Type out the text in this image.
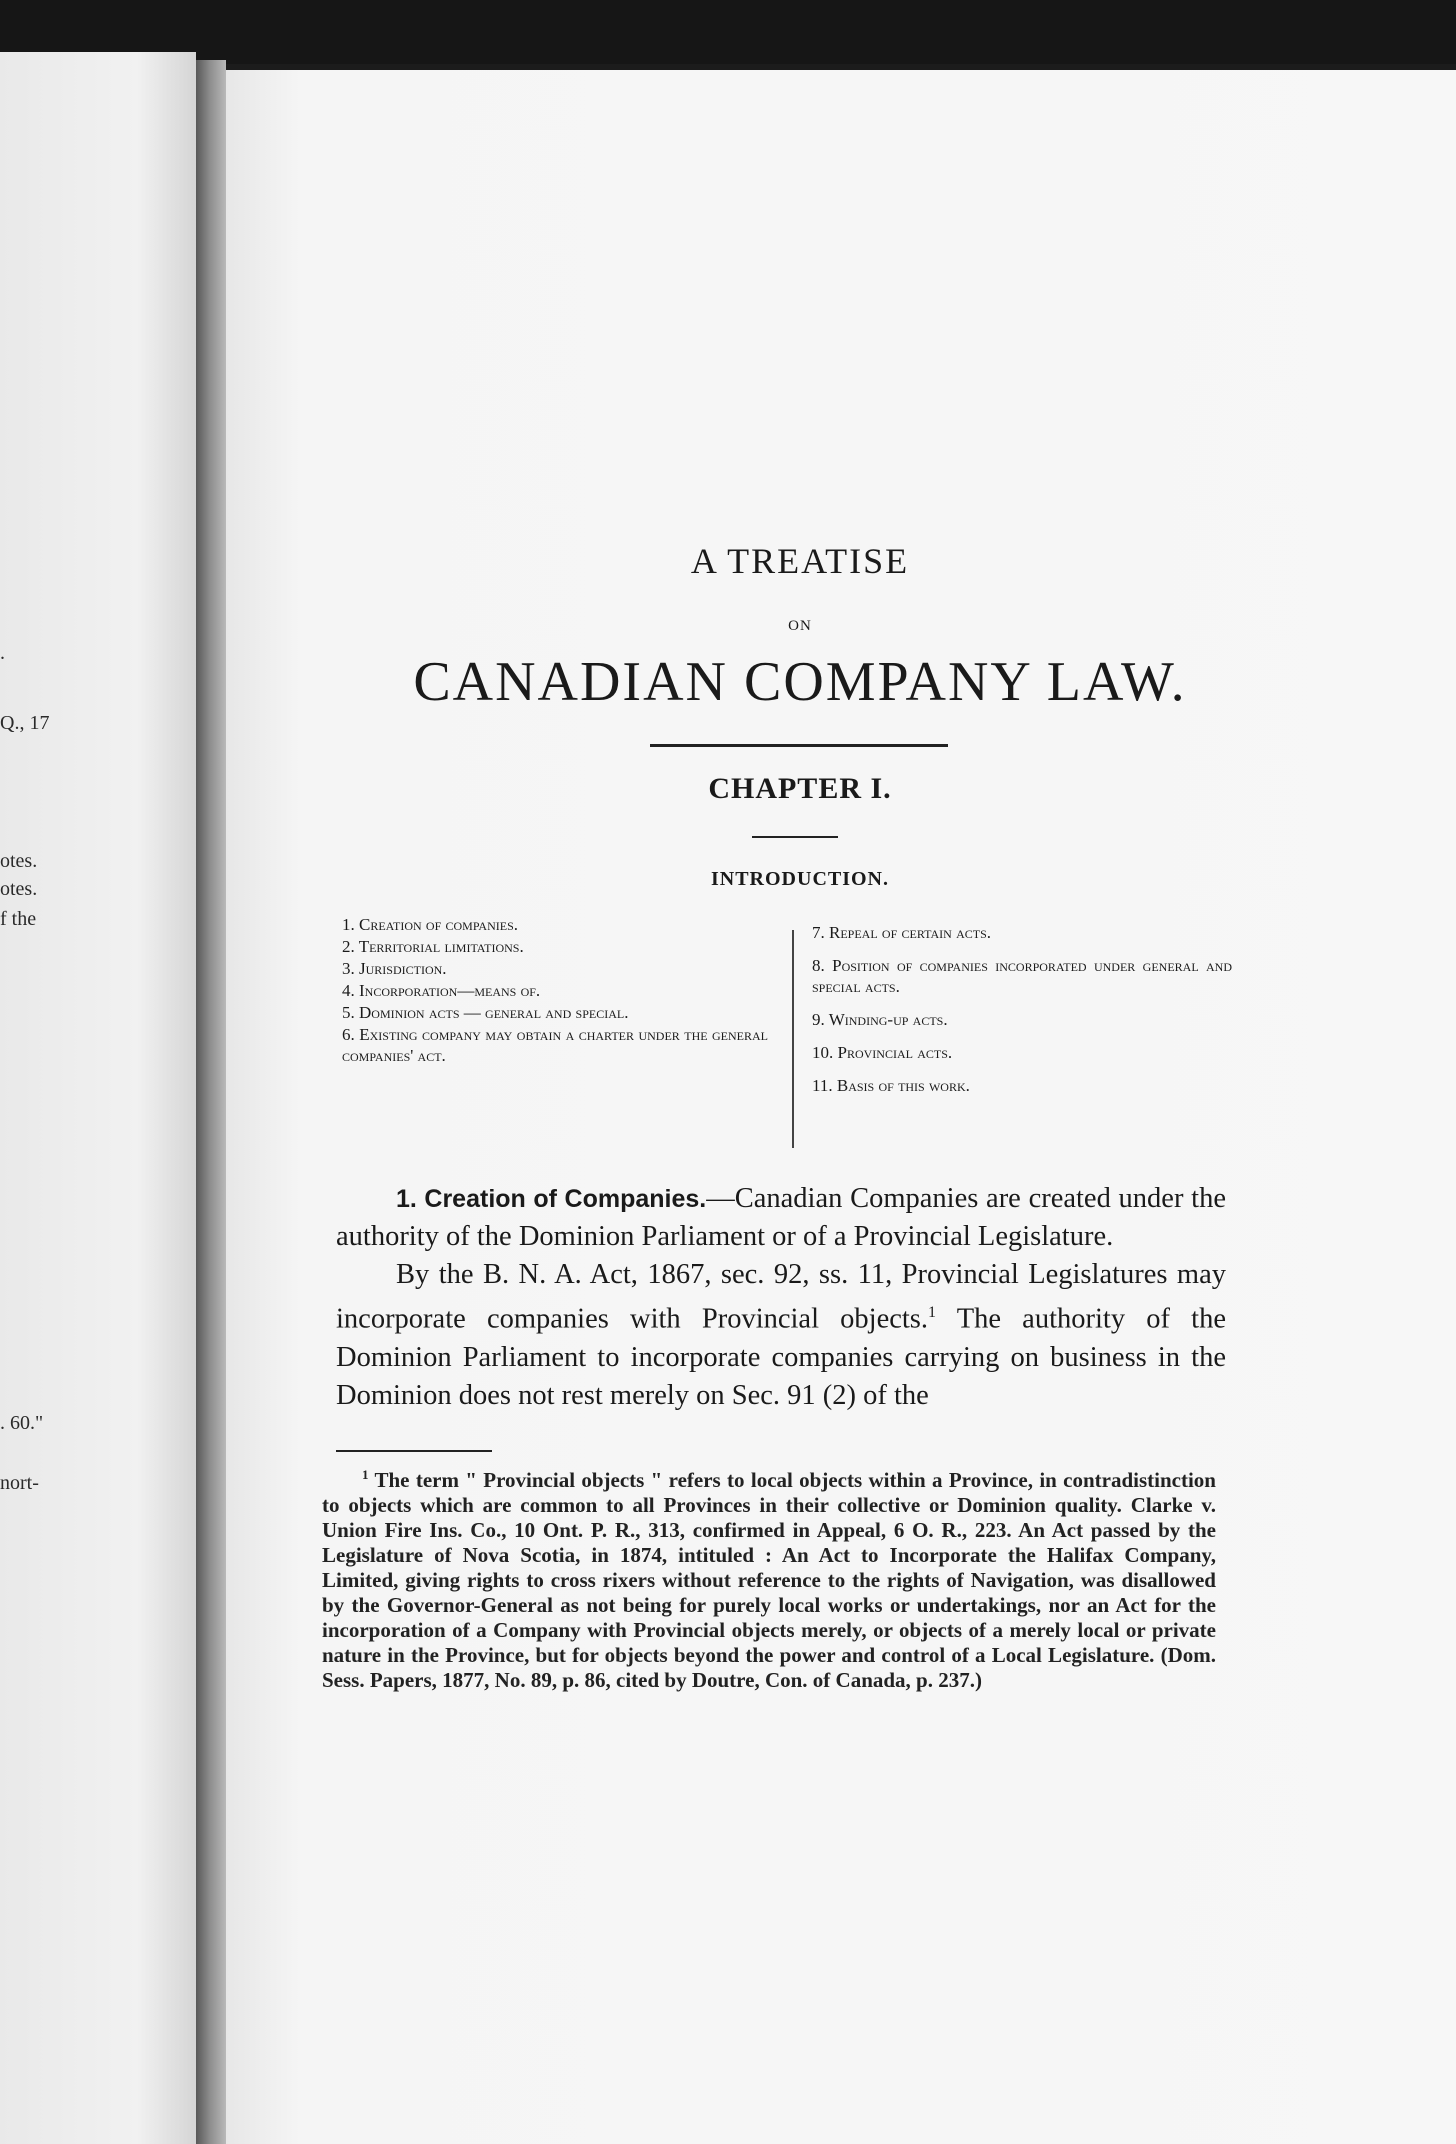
.
Q., 17
otes.
otes.
f the
. 60."
nort-
A TREATISE
ON
CANADIAN COMPANY LAW.
CHAPTER I.
INTRODUCTION.
1. Creation of companies.
2. Territorial limitations.
3. Jurisdiction.
4. Incorporation—means of.
5. Dominion acts — general and special.
6. Existing company may obtain a charter under the general companies' act.
7. Repeal of certain acts.
8. Position of companies incorporated under general and special acts.
9. Winding-up acts.
10. Provincial acts.
11. Basis of this work.

1. Creation of Companies.—Canadian Companies are created under the authority of the Dominion Parliament or of a Provincial Legislature.

By the B. N. A. Act, 1867, sec. 92, ss. 11, Provincial Legislatures may incorporate companies with Provincial objects.$^1$ The authority of the Dominion Parliament to incorporate companies carrying on business in the Dominion does not rest merely on Sec. 91 (2) of the

$^1$ The term " Provincial objects " refers to local objects within a Province, in contradistinction to objects which are common to all Provinces in their collective or Dominion quality. Clarke v. Union Fire Ins. Co., 10 Ont. P. R., 313, confirmed in Appeal, 6 O. R., 223. An Act passed by the Legislature of Nova Scotia, in 1874, intituled : An Act to Incorporate the Halifax Company, Limited, giving rights to cross rixers without reference to the rights of Navigation, was disallowed by the Governor-General as not being for purely local works or undertakings, nor an Act for the incorporation of a Company with Provincial objects merely, or objects of a merely local or private nature in the Province, but for objects beyond the power and control of a Local Legislature. (Dom. Sess. Papers, 1877, No. 89, p. 86, cited by Doutre, Con. of Canada, p. 237.)
